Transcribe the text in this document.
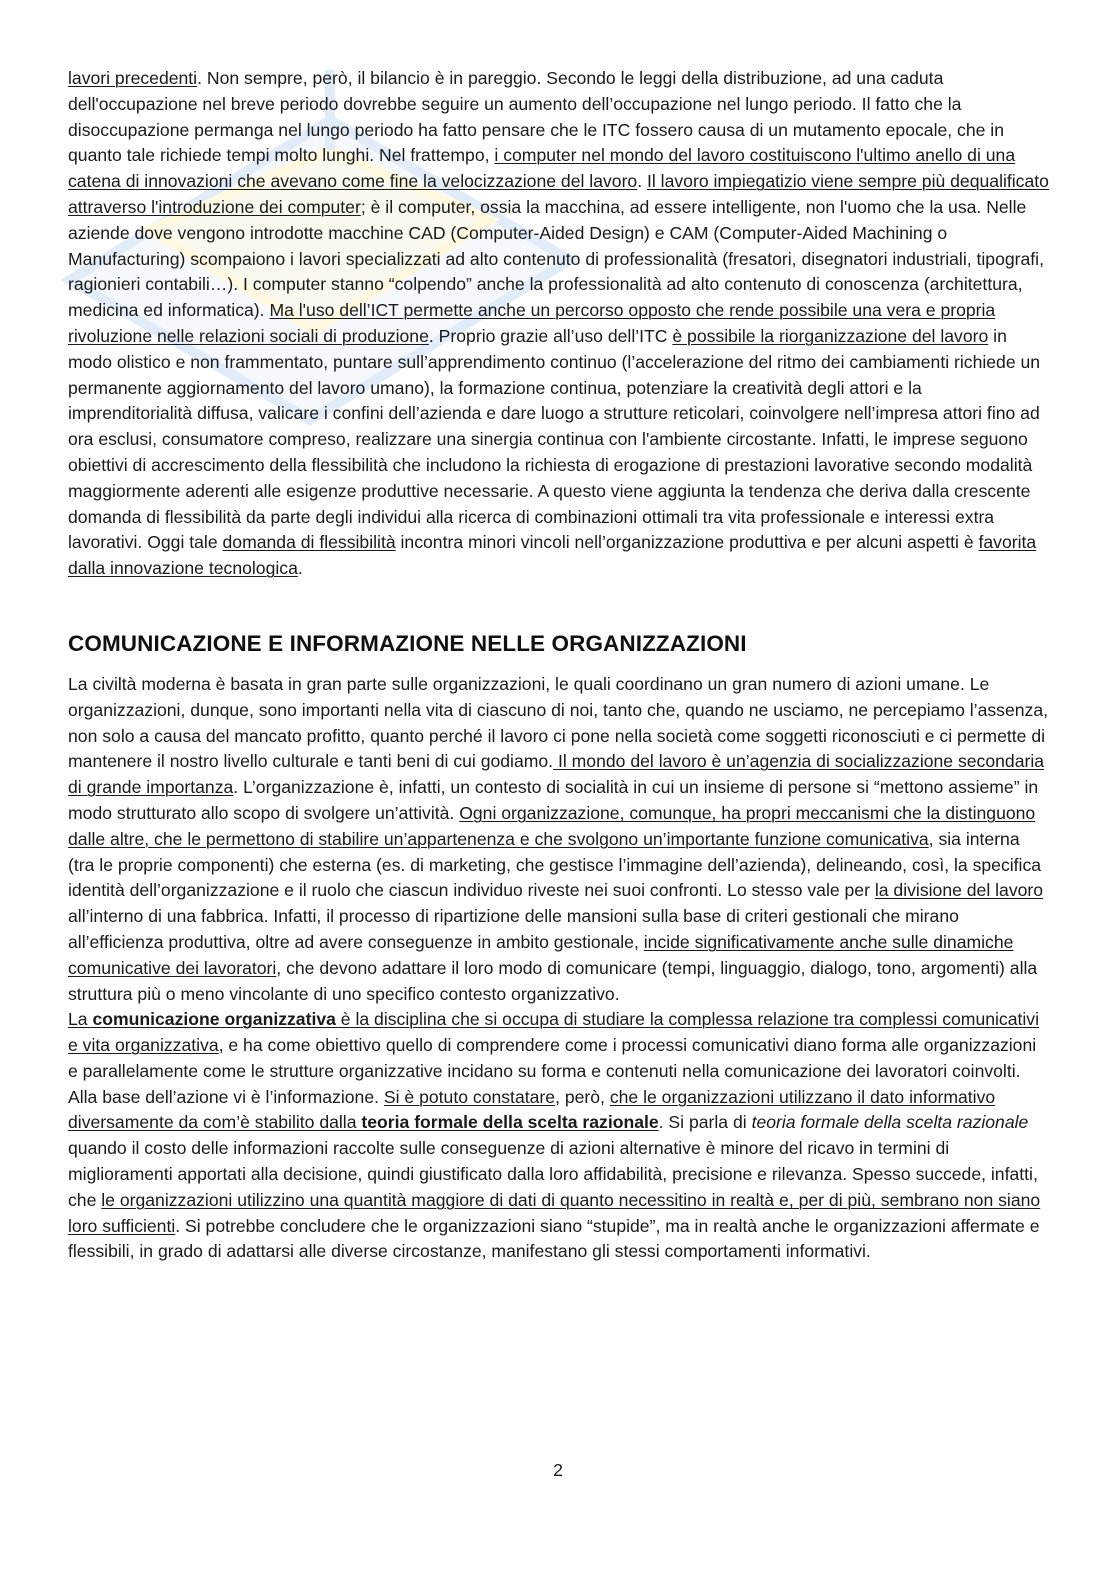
lavori precedenti. Non sempre, però, il bilancio è in pareggio. Secondo le leggi della distribuzione, ad una caduta dell'occupazione nel breve periodo dovrebbe seguire un aumento dell’occupazione nel lungo periodo. Il fatto che la disoccupazione permanga nel lungo periodo ha fatto pensare che le ITC fossero causa di un mutamento epocale, che in quanto tale richiede tempi molto lunghi. Nel frattempo, i computer nel mondo del lavoro costituiscono l'ultimo anello di una catena di innovazioni che avevano come fine la velocizzazione del lavoro. Il lavoro impiegatizio viene sempre più dequalificato attraverso l'introduzione dei computer; è il computer, ossia la macchina, ad essere intelligente, non l'uomo che la usa. Nelle aziende dove vengono introdotte macchine CAD (Computer-Aided Design) e CAM (Computer-Aided Machining o Manufacturing) scompaiono i lavori specializzati ad alto contenuto di professionalità (fresatori, disegnatori industriali, tipografi, ragionieri contabili…). I computer stanno “colpendo” anche la professionalità ad alto contenuto di conoscenza (architettura, medicina ed informatica). Ma l'uso dell’ICT permette anche un percorso opposto che rende possibile una vera e propria rivoluzione nelle relazioni sociali di produzione. Proprio grazie all’uso dell’ITC è possibile la riorganizzazione del lavoro in modo olistico e non frammentato, puntare sull’apprendimento continuo (l’accelerazione del ritmo dei cambiamenti richiede un permanente aggiornamento del lavoro umano), la formazione continua, potenziare la creatività degli attori e la imprenditorialità diffusa, valicare i confini dell’azienda e dare luogo a strutture reticolari, coinvolgere nell’impresa attori fino ad ora esclusi, consumatore compreso, realizzare una sinergia continua con l'ambiente circostante. Infatti, le imprese seguono obiettivi di accrescimento della flessibilità che includono la richiesta di erogazione di prestazioni lavorative secondo modalità maggiormente aderenti alle esigenze produttive necessarie. A questo viene aggiunta la tendenza che deriva dalla crescente domanda di flessibilità da parte degli individui alla ricerca di combinazioni ottimali tra vita professionale e interessi extra lavorativi. Oggi tale domanda di flessibilità incontra minori vincoli nell’organizzazione produttiva e per alcuni aspetti è favorita dalla innovazione tecnologica.

COMUNICAZIONE E INFORMAZIONE NELLE ORGANIZZAZIONI

La civiltà moderna è basata in gran parte sulle organizzazioni, le quali coordinano un gran numero di azioni umane. Le organizzazioni, dunque, sono importanti nella vita di ciascuno di noi, tanto che, quando ne usciamo, ne percepiamo l’assenza, non solo a causa del mancato profitto, quanto perché il lavoro ci pone nella società come soggetti riconosciuti e ci permette di mantenere il nostro livello culturale e tanti beni di cui godiamo. Il mondo del lavoro è un’agenzia di socializzazione secondaria di grande importanza. L’organizzazione è, infatti, un contesto di socialità in cui un insieme di persone si “mettono assieme” in modo strutturato allo scopo di svolgere un’attività. Ogni organizzazione, comunque, ha propri meccanismi che la distinguono dalle altre, che le permettono di stabilire un’appartenenza e che svolgono un’importante funzione comunicativa, sia interna (tra le proprie componenti) che esterna (es. di marketing, che gestisce l’immagine dell’azienda), delineando, così, la specifica identità dell’organizzazione e il ruolo che ciascun individuo riveste nei suoi confronti. Lo stesso vale per la divisione del lavoro all’interno di una fabbrica. Infatti, il processo di ripartizione delle mansioni sulla base di criteri gestionali che mirano all’efficienza produttiva, oltre ad avere conseguenze in ambito gestionale, incide significativamente anche sulle dinamiche comunicative dei lavoratori, che devono adattare il loro modo di comunicare (tempi, linguaggio, dialogo, tono, argomenti) alla struttura più o meno vincolante di uno specifico contesto organizzativo.

La comunicazione organizzativa è la disciplina che si occupa di studiare la complessa relazione tra complessi comunicativi e vita organizzativa, e ha come obiettivo quello di comprendere come i processi comunicativi diano forma alle organizzazioni e parallelamente come le strutture organizzative incidano su forma e contenuti nella comunicazione dei lavoratori coinvolti.

Alla base dell’azione vi è l’informazione. Si è potuto constatare, però, che le organizzazioni utilizzano il dato informativo diversamente da com’è stabilito dalla teoria formale della scelta razionale. Si parla di teoria formale della scelta razionale quando il costo delle informazioni raccolte sulle conseguenze di azioni alternative è minore del ricavo in termini di miglioramenti apportati alla decisione, quindi giustificato dalla loro affidabilità, precisione e rilevanza. Spesso succede, infatti, che le organizzazioni utilizzino una quantità maggiore di dati di quanto necessitino in realtà e, per di più, sembrano non siano loro sufficienti. Si potrebbe concludere che le organizzazioni siano “stupide”, ma in realtà anche le organizzazioni affermate e flessibili, in grado di adattarsi alle diverse circostanze, manifestano gli stessi comportamenti informativi.

2
